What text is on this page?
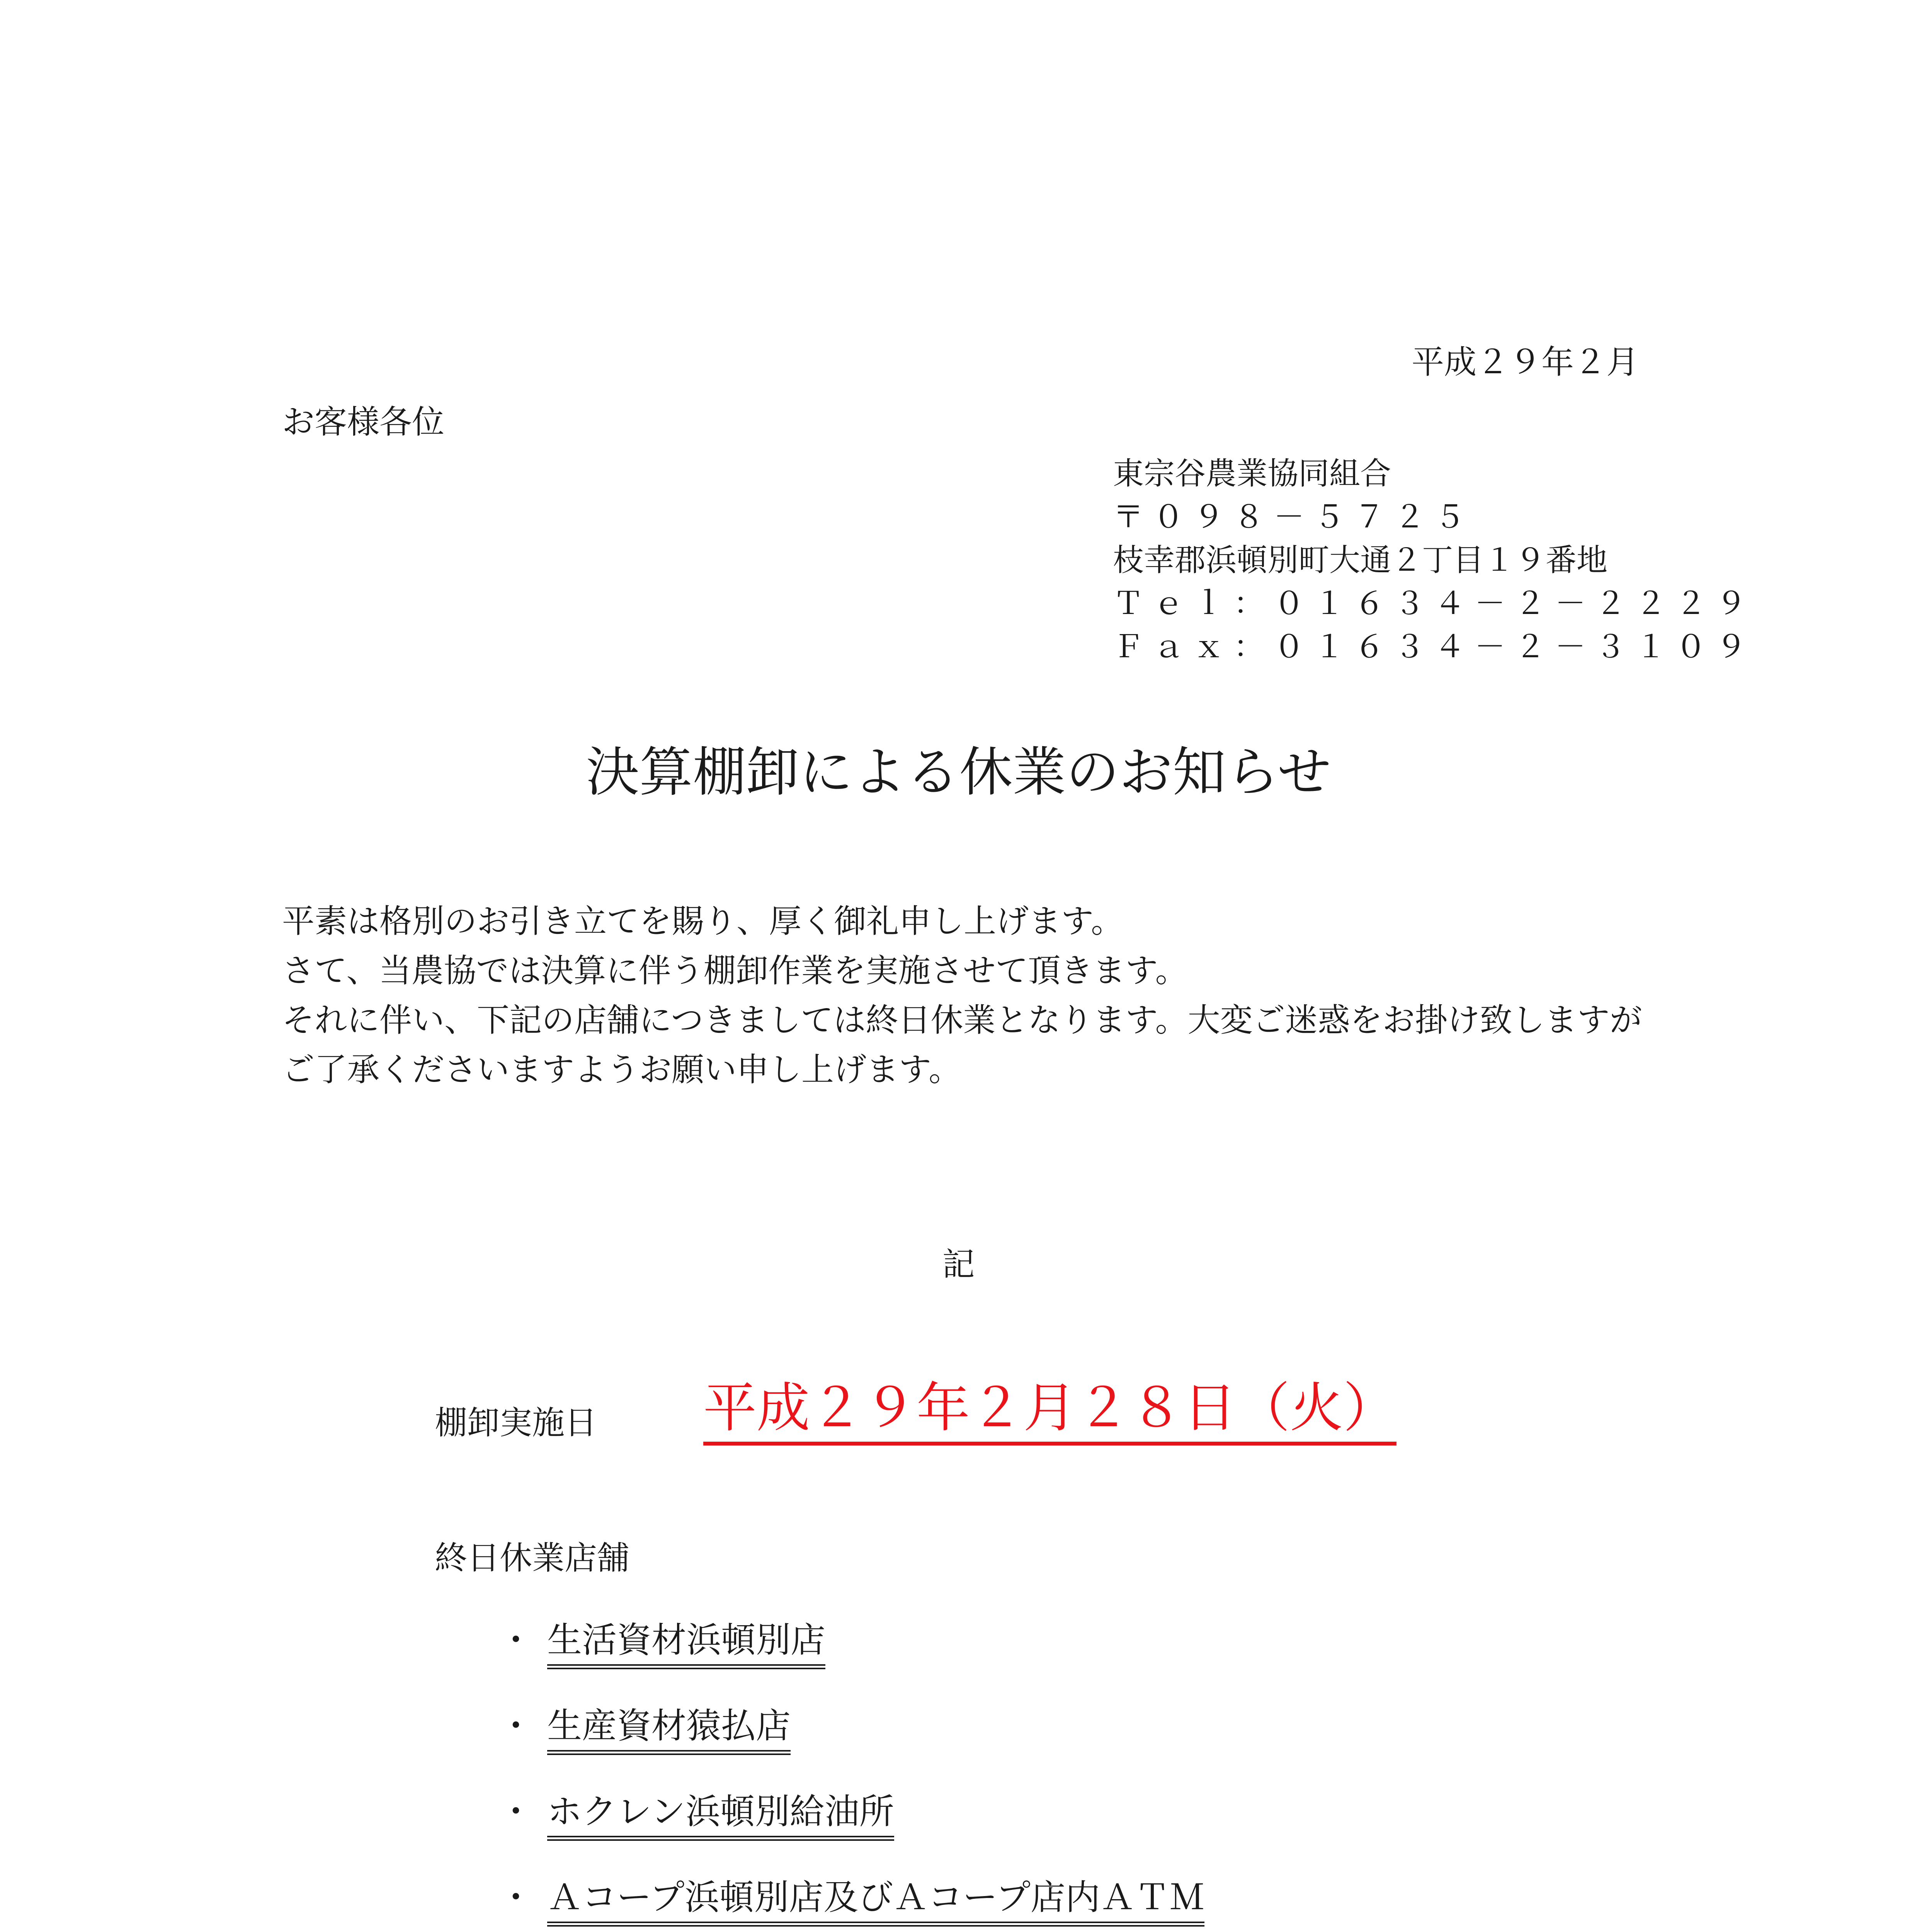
平成２９年２月
お客様各位
東宗谷農業協同組合
〒０９８－５７２５
枝幸郡浜頓別町大通２丁目１９番地
Ｔｅｌ：０１６３４－２－２２２９
Ｆａｘ：０１６３４－２－３１０９
決算棚卸による休業のお知らせ
平素は格別のお引き立てを賜り、厚く御礼申し上げます。
さて、当農協では決算に伴う棚卸作業を実施させて頂きます。
それに伴い、下記の店舗につきましては終日休業となります。大変ご迷惑をお掛け致しますがご了承くださいますようお願い申し上げます。
記
棚卸実施日 平成２９年２月２８日（火）
終日休業店舗
・ 生活資材浜頓別店
・ 生産資材猿払店
・ ホクレン浜頓別給油所
・ Ａコープ浜頓別店及びＡコープ店内ＡＴＭ
